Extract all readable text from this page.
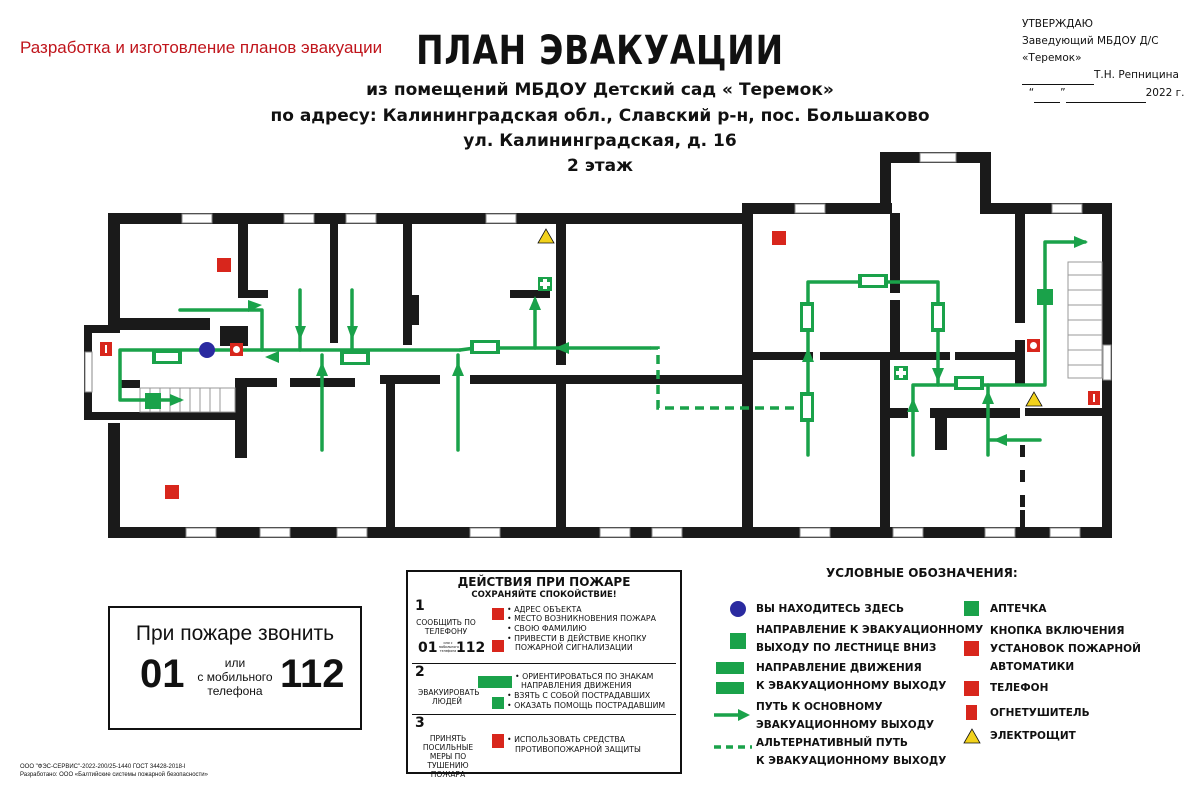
Разработка и изготовление планов эвакуации ПЛАН ЭВАКУАЦИИ
из помещений МБДОУ Детский сад « Теремок»
по адресу: Калининградская обл., Славский р-н, пос. Большаково
ул. Калининградская, д. 16
2 этаж
УТВЕРЖДАЮ
Заведующий МБДОУ Д/С «Теремок»
Т.Н. Репницина
“ ”	2022 г.
При пожаре звонить
01	или
с мобильного
телефона 112
ДЕЙСТВИЯ ПРИ ПОЖАРЕ
СОХРАНЯЙТЕ СПОКОЙСТВИЕ!
1
СООБЩИТЬ ПО ТЕЛЕФОНУ
01	или с мобильного телефона 112
• АДРЕС ОБЪЕКТА
• МЕСТО ВОЗНИКНОВЕНИЯ ПОЖАРА
• СВОЮ ФАМИЛИЮ
• ПРИВЕСТИ В ДЕЙСТВИЕ КНОПКУ
ПОЖАРНОЙ СИГНАЛИЗАЦИИ
2
ЭВАКУИРОВАТЬ ЛЮДЕЙ
• ОРИЕНТИРОВАТЬСЯ ПО ЗНАКАМ
НАПРАВЛЕНИЯ ДВИЖЕНИЯ
• ВЗЯТЬ С СОБОЙ ПОСТРАДАВШИХ
• ОКАЗАТЬ ПОМОЩЬ ПОСТРАДАВШИМ
3
ПРИНЯТЬ ПОСИЛЬНЫЕ МЕРЫ ПО ТУШЕНИЮ ПОЖАРА
• ИСПОЛЬЗОВАТЬ СРЕДСТВА
ПРОТИВОПОЖАРНОЙ ЗАЩИТЫ
УСЛОВНЫЕ ОБОЗНАЧЕНИЯ:
ВЫ НАХОДИТЕСЬ ЗДЕСЬ
НАПРАВЛЕНИЕ К ЭВАКУАЦИОННОМУ
ВЫХОДУ ПО ЛЕСТНИЦЕ ВНИЗ
НАПРАВЛЕНИЕ ДВИЖЕНИЯ
К ЭВАКУАЦИОННОМУ ВЫХОДУ
ПУТЬ К ОСНОВНОМУ
ЭВАКУАЦИОННОМУ ВЫХОДУ
АЛЬТЕРНАТИВНЫЙ ПУТЬ
К ЭВАКУАЦИОННОМУ ВЫХОДУ
АПТЕЧКА
КНОПКА ВКЛЮЧЕНИЯ
УСТАНОВОК ПОЖАРНОЙ
АВТОМАТИКИ
ТЕЛЕФОН
ОГНЕТУШИТЕЛЬ
ЭЛЕКТРОЩИТ
ООО "ФЭС-СЕРВИС"-2022-200/25-1440 ГОСТ 34428-2018-I
Разработано: ООО «Балтийские системы пожарной безопасности»
